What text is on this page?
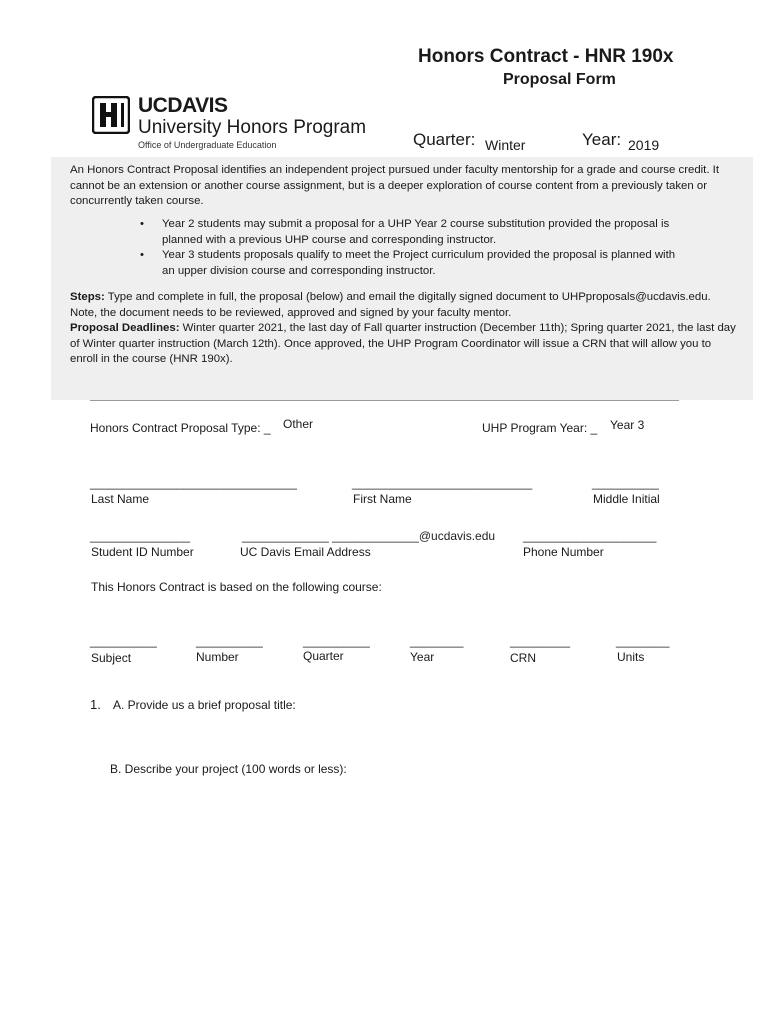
Honors Contract - HNR 190x
Proposal Form
UCDAVIS
University Honors Program
Office of Undergraduate Education	Quarter: Winter	Year: 2019
An Honors Contract Proposal identifies an independent project pursued under faculty mentorship for a grade and course credit. It cannot be an extension or another course assignment, but is a deeper exploration of course content from a previously taken or concurrently taken course.
• Year 2 students may submit a proposal for a UHP Year 2 course substitution provided the proposal is planned with a previous UHP course and corresponding instructor.
• Year 3 students proposals qualify to meet the Project curriculum provided the proposal is planned with an upper division course and corresponding instructor.
Steps: Type and complete in full, the proposal (below) and email the digitally signed document to UHPproposals@ucdavis.edu. Note, the document needs to be reviewed, approved and signed by your faculty mentor.
Proposal Deadlines: Winter quarter 2021, the last day of Fall quarter instruction (December 11th); Spring quarter 2021, the last day of Winter quarter instruction (March 12th). Once approved, the UHP Program Coordinator will issue a CRN that will allow you to enroll in the course (HNR 190x).
Honors Contract Proposal Type: _ Other	UHP Program Year: _ Year 3
_______________________________
Last Name
___________________________
First Name
__________
Middle Initial
_______________
Student ID Number
_____________ _____________@ucdavis.edu
UC Davis Email Address
____________________
Phone Number
This Honors Contract is based on the following course:
__________
Subject
__________
Number
__________
Quarter
________
Year
_________
CRN
________
Units
1. A. Provide us a brief proposal title:
B. Describe your project (100 words or less):
